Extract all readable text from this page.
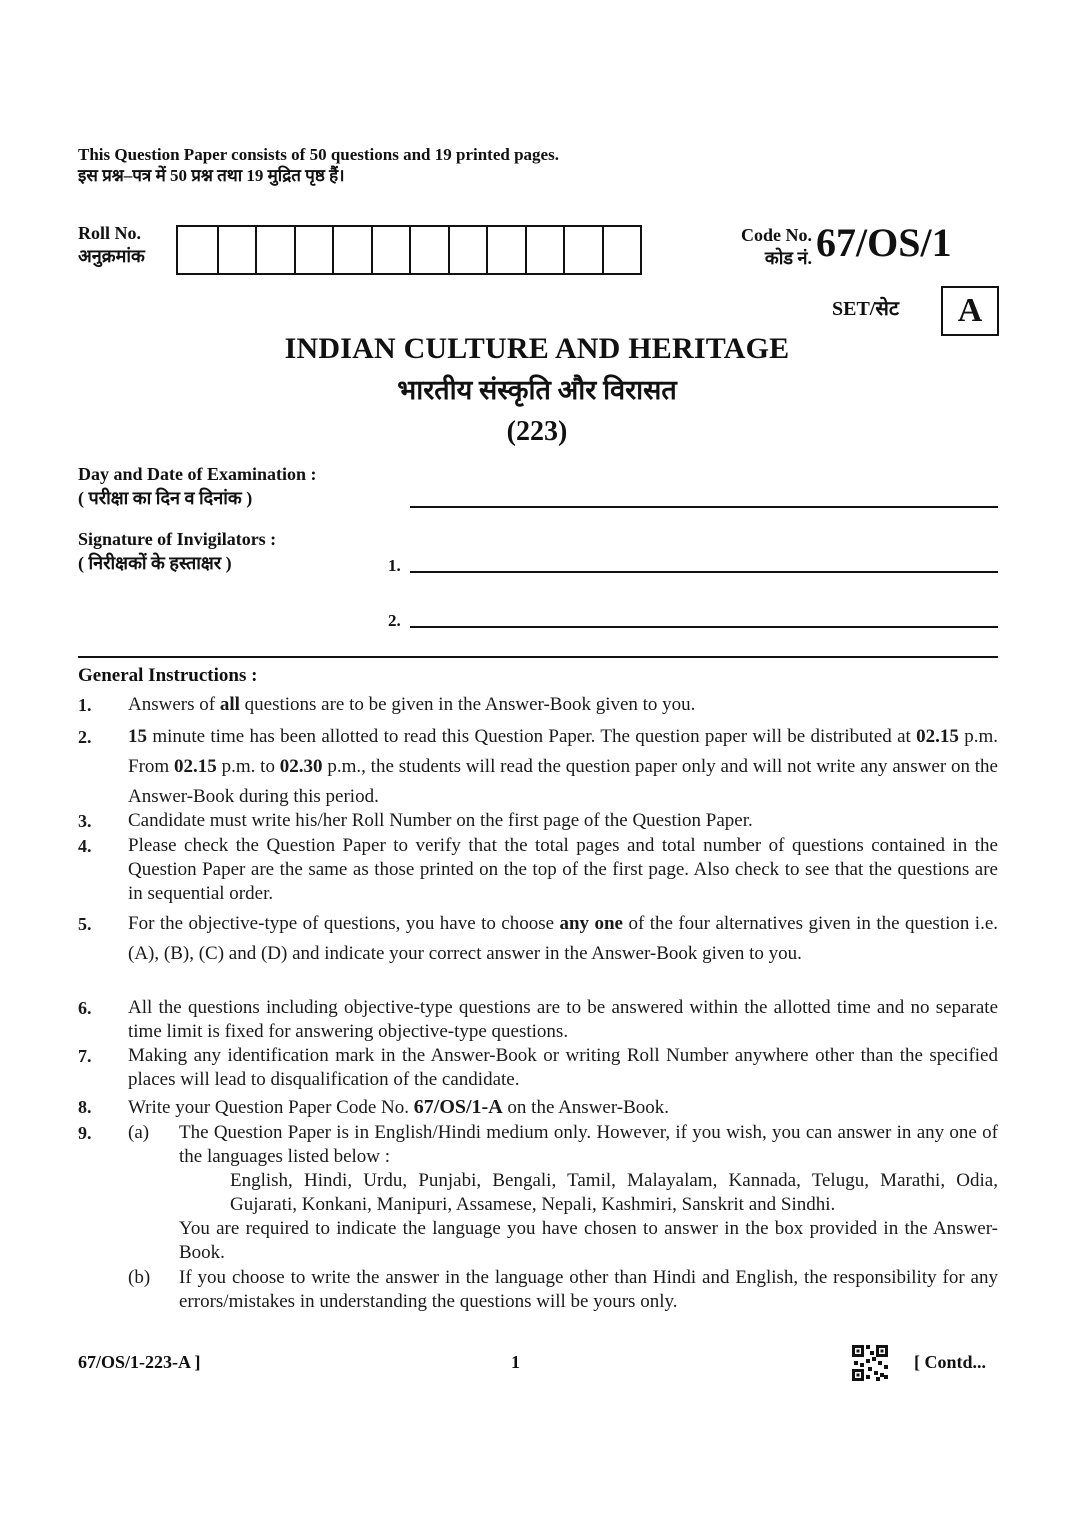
This Question Paper consists of 50 questions and 19 printed pages.
इस प्रश्न–पत्र में 50 प्रश्न तथा 19 मुद्रित पृष्ठ हैं।
Roll No.
अनुक्रमांक
Code No.
कोड नं. 67/OS/1
SET/सेट	A
INDIAN CULTURE AND HERITAGE
भारतीय संस्कृति और विरासत
(223)
Day and Date of Examination :
( परीक्षा का दिन व दिनांक )
Signature of Invigilators :
( निरीक्षकों के हस्ताक्षर )	1.
2.
General Instructions :
1. Answers of all questions are to be given in the Answer-Book given to you.
2. 15 minute time has been allotted to read this Question Paper. The question paper will be distributed at 02.15 p.m. From 02.15 p.m. to 02.30 p.m., the students will read the question paper only and will not write any answer on the Answer-Book during this period.
3. Candidate must write his/her Roll Number on the first page of the Question Paper.
4. Please check the Question Paper to verify that the total pages and total number of questions contained in the Question Paper are the same as those printed on the top of the first page. Also check to see that the questions are in sequential order.
5. For the objective-type of questions, you have to choose any one of the four alternatives given in the question i.e. (A), (B), (C) and (D) and indicate your correct answer in the Answer-Book given to you.
6. All the questions including objective-type questions are to be answered within the allotted time and no separate time limit is fixed for answering objective-type questions.
7. Making any identification mark in the Answer-Book or writing Roll Number anywhere other than the specified places will lead to disqualification of the candidate.
8. Write your Question Paper Code No. 67/OS/1-A on the Answer-Book.
9. (a) The Question Paper is in English/Hindi medium only. However, if you wish, you can answer in any one of the languages listed below :
English, Hindi, Urdu, Punjabi, Bengali, Tamil, Malayalam, Kannada, Telugu, Marathi, Odia, Gujarati, Konkani, Manipuri, Assamese, Nepali, Kashmiri, Sanskrit and Sindhi.
You are required to indicate the language you have chosen to answer in the box provided in the Answer-Book.
(b) If you choose to write the answer in the language other than Hindi and English, the responsibility for any errors/mistakes in understanding the questions will be yours only.
67/OS/1-223-A ]	1	[ Contd...
